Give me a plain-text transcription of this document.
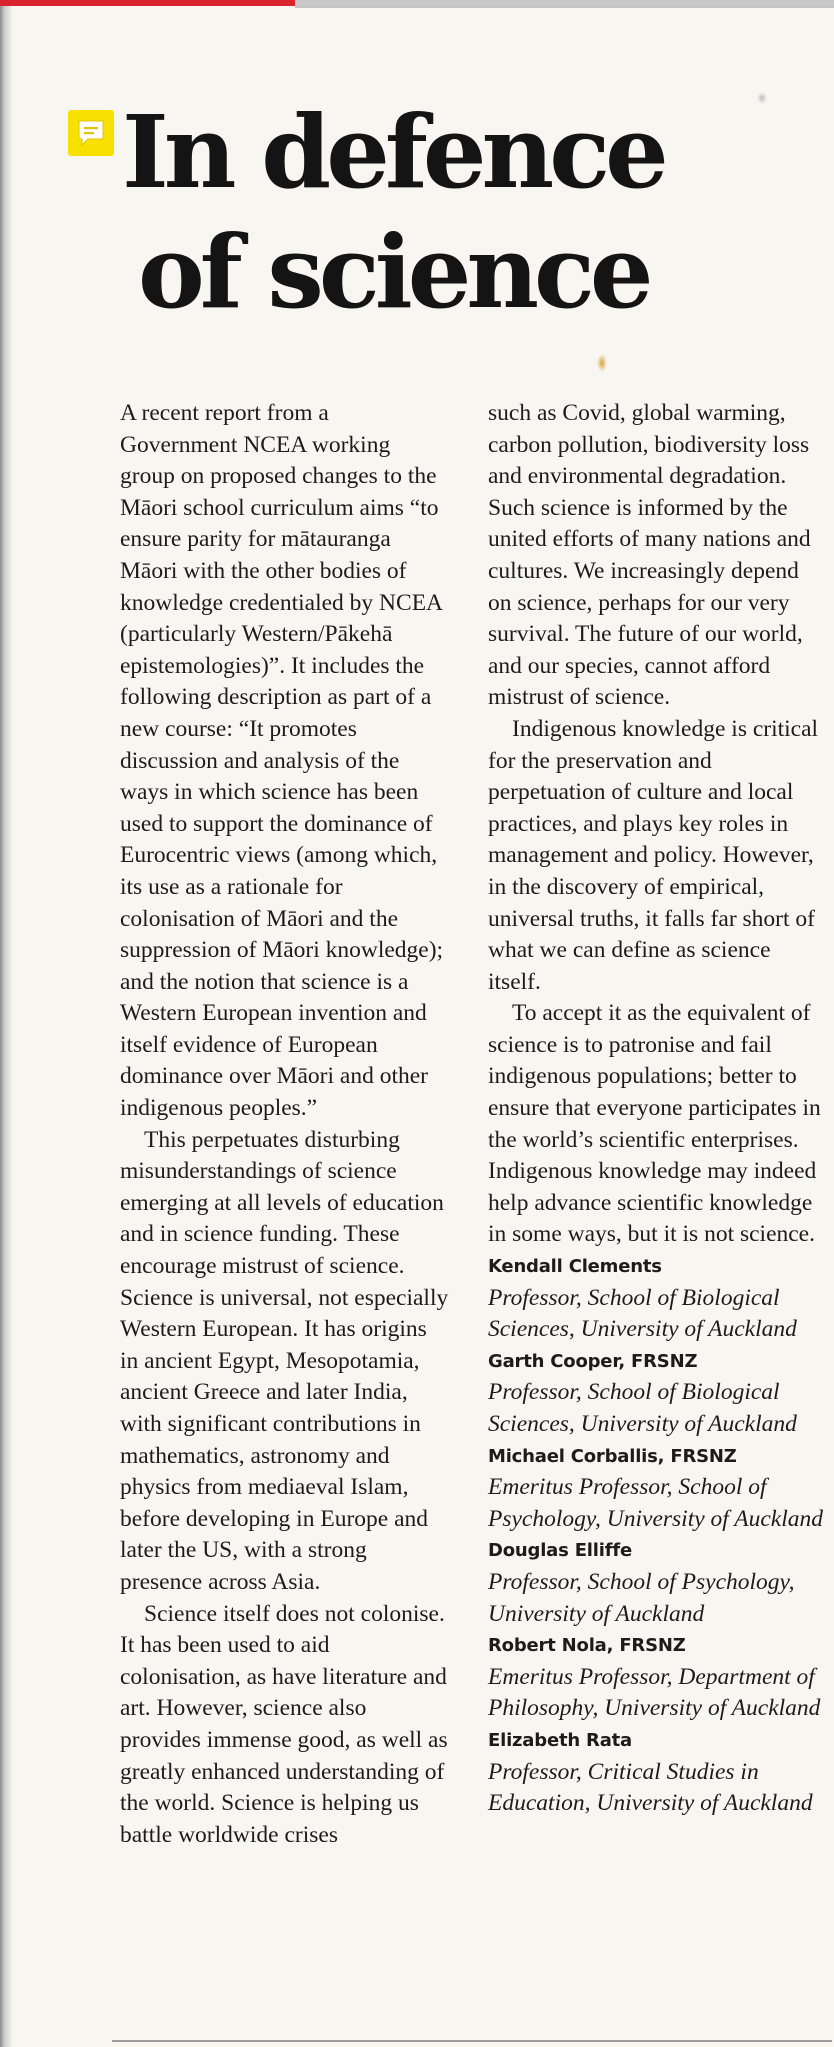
In defence
of science

A recent report from a Government NCEA working group on proposed changes to the Māori school curriculum aims “to ensure parity for mātauranga Māori with the other bodies of knowledge credentialed by NCEA (particularly Western/Pākehā epistemologies)”. It includes the following description as part of a new course: “It promotes discussion and analysis of the ways in which science has been used to support the dominance of Eurocentric views (among which, its use as a rationale for colonisation of Māori and the suppression of Māori knowledge); and the notion that science is a Western European invention and itself evidence of European dominance over Māori and other indigenous peoples.”

This perpetuates disturbing misunderstandings of science emerging at all levels of education and in science funding. These encourage mistrust of science. Science is universal, not especially Western European. It has origins in ancient Egypt, Mesopotamia, ancient Greece and later India, with significant contributions in mathematics, astronomy and physics from mediaeval Islam, before developing in Europe and later the US, with a strong presence across Asia.

Science itself does not colonise. It has been used to aid colonisation, as have literature and art. However, science also provides immense good, as well as greatly enhanced understanding of the world. Science is helping us battle worldwide crises

such as Covid, global warming, carbon pollution, biodiversity loss and environmental degradation. Such science is informed by the united efforts of many nations and cultures. We increasingly depend on science, perhaps for our very survival. The future of our world, and our species, cannot afford mistrust of science.

Indigenous knowledge is critical for the preservation and perpetuation of culture and local practices, and plays key roles in management and policy. However, in the discovery of empirical, universal truths, it falls far short of what we can define as science itself.

To accept it as the equivalent of science is to patronise and fail indigenous populations; better to ensure that everyone participates in the world’s scientific enterprises. Indigenous knowledge may indeed help advance scientific knowledge in some ways, but it is not science.

Kendall Clements

Professor, School of Biological Sciences, University of Auckland

Garth Cooper, FRSNZ

Professor, School of Biological Sciences, University of Auckland

Michael Corballis, FRSNZ

Emeritus Professor, School of Psychology, University of Auckland

Douglas Elliffe

Professor, School of Psychology, University of Auckland

Robert Nola, FRSNZ

Emeritus Professor, Department of Philosophy, University of Auckland

Elizabeth Rata

Professor, Critical Studies in Education, University of Auckland
